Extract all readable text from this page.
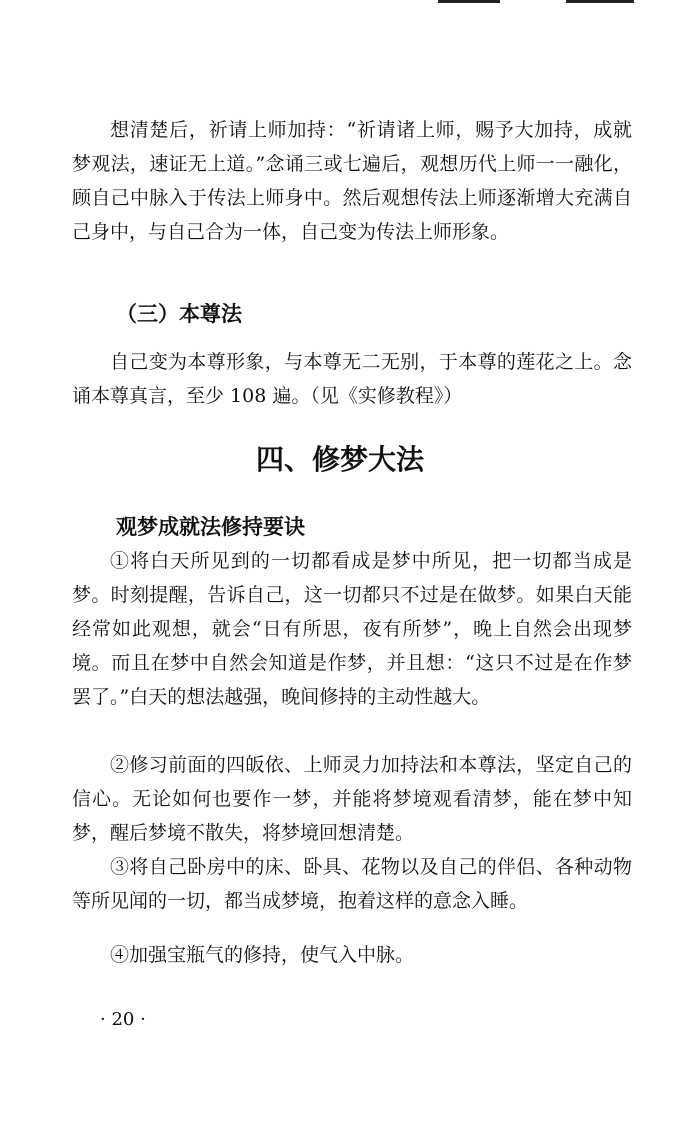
想清楚后，祈请上师加持：“祈请诸上师，赐予大加持，成就梦观法，速证无上道。”念诵三或七遍后，观想历代上师一一融化，顾自己中脉入于传法上师身中。然后观想传法上师逐渐增大充满自己身中，与自己合为一体，自己变为传法上师形象。

（三）本尊法

自己变为本尊形象，与本尊无二无别，于本尊的莲花之上。念诵本尊真言，至少 108 遍。（见《实修教程》）

四、修梦大法
观梦成就法修持要诀

①将白天所见到的一切都看成是梦中所见，把一切都当成是梦。时刻提醒，告诉自己，这一切都只不过是在做梦。如果白天能经常如此观想，就会“日有所思，夜有所梦”，晚上自然会出现梦境。而且在梦中自然会知道是作梦，并且想：“这只不过是在作梦罢了。”白天的想法越强，晚间修持的主动性越大。

②修习前面的四皈依、上师灵力加持法和本尊法，坚定自己的信心。无论如何也要作一梦，并能将梦境观看清梦，能在梦中知梦，醒后梦境不散失，将梦境回想清楚。

③将自己卧房中的床、卧具、花物以及自己的伴侣、各种动物等所见闻的一切，都当成梦境，抱着这样的意念入睡。

④加强宝瓶气的修持，使气入中脉。

· 20 ·
